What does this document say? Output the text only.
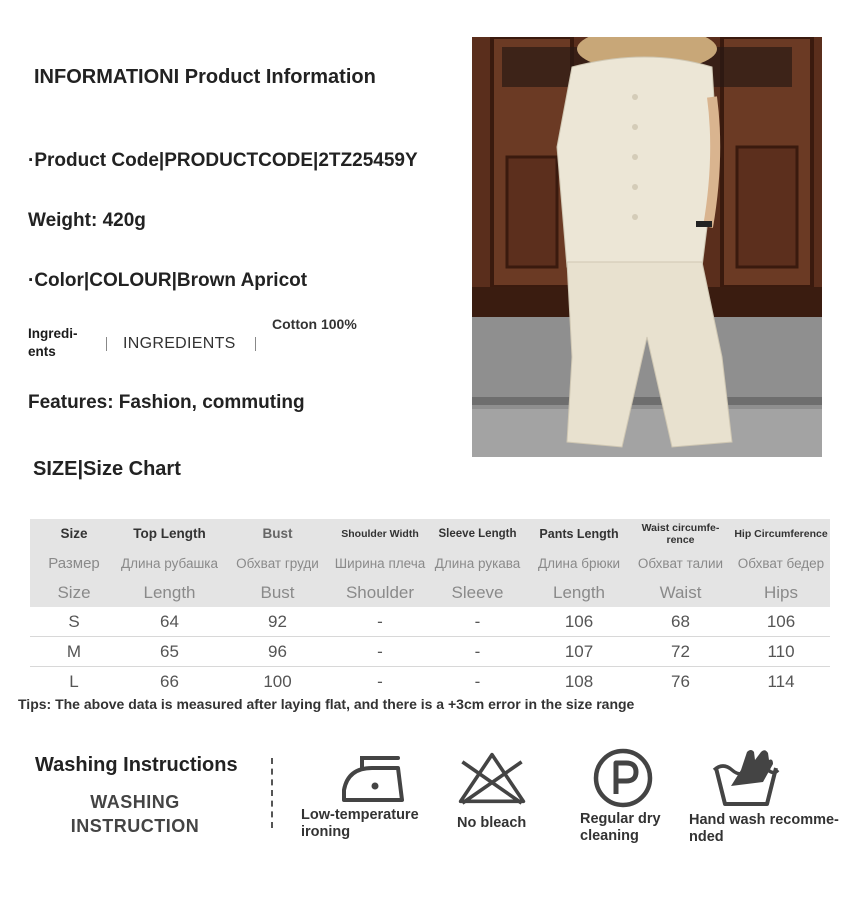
INFORMATIONI Product Information
·Product Code|PRODUCTCODE|2TZ25459Y
Weight: 420g
·Color|COLOUR|Brown Apricot
Ingredi- ents	INGREDIENTS
Cotton 100%
Features: Fashion, commuting
SIZE|Size Chart
Size	Top Length	Bust	Shoulder Width	Sleeve Length	Pants Length	Waist circumfe- rence	Hip Circumference
Размер	Длина рубашка	Обхват груди	Ширина плеча	Длина рукава	Длина брюки	Обхват талии	Обхват бедер
Size	Length	Bust	Shoulder	Sleeve	Length	Waist	Hips
S	64	92	-	-	106	68	106
M	65	96	-	-	107	72	110
L	66	100	-	-	108	76	114
Tips: The above data is measured after laying flat, and there is a +3cm error in the size range
Washing Instructions
WASHING INSTRUCTION
Low-temperature ironing
No bleach	Regular dry cleaning
Hand wash recomme- nded
